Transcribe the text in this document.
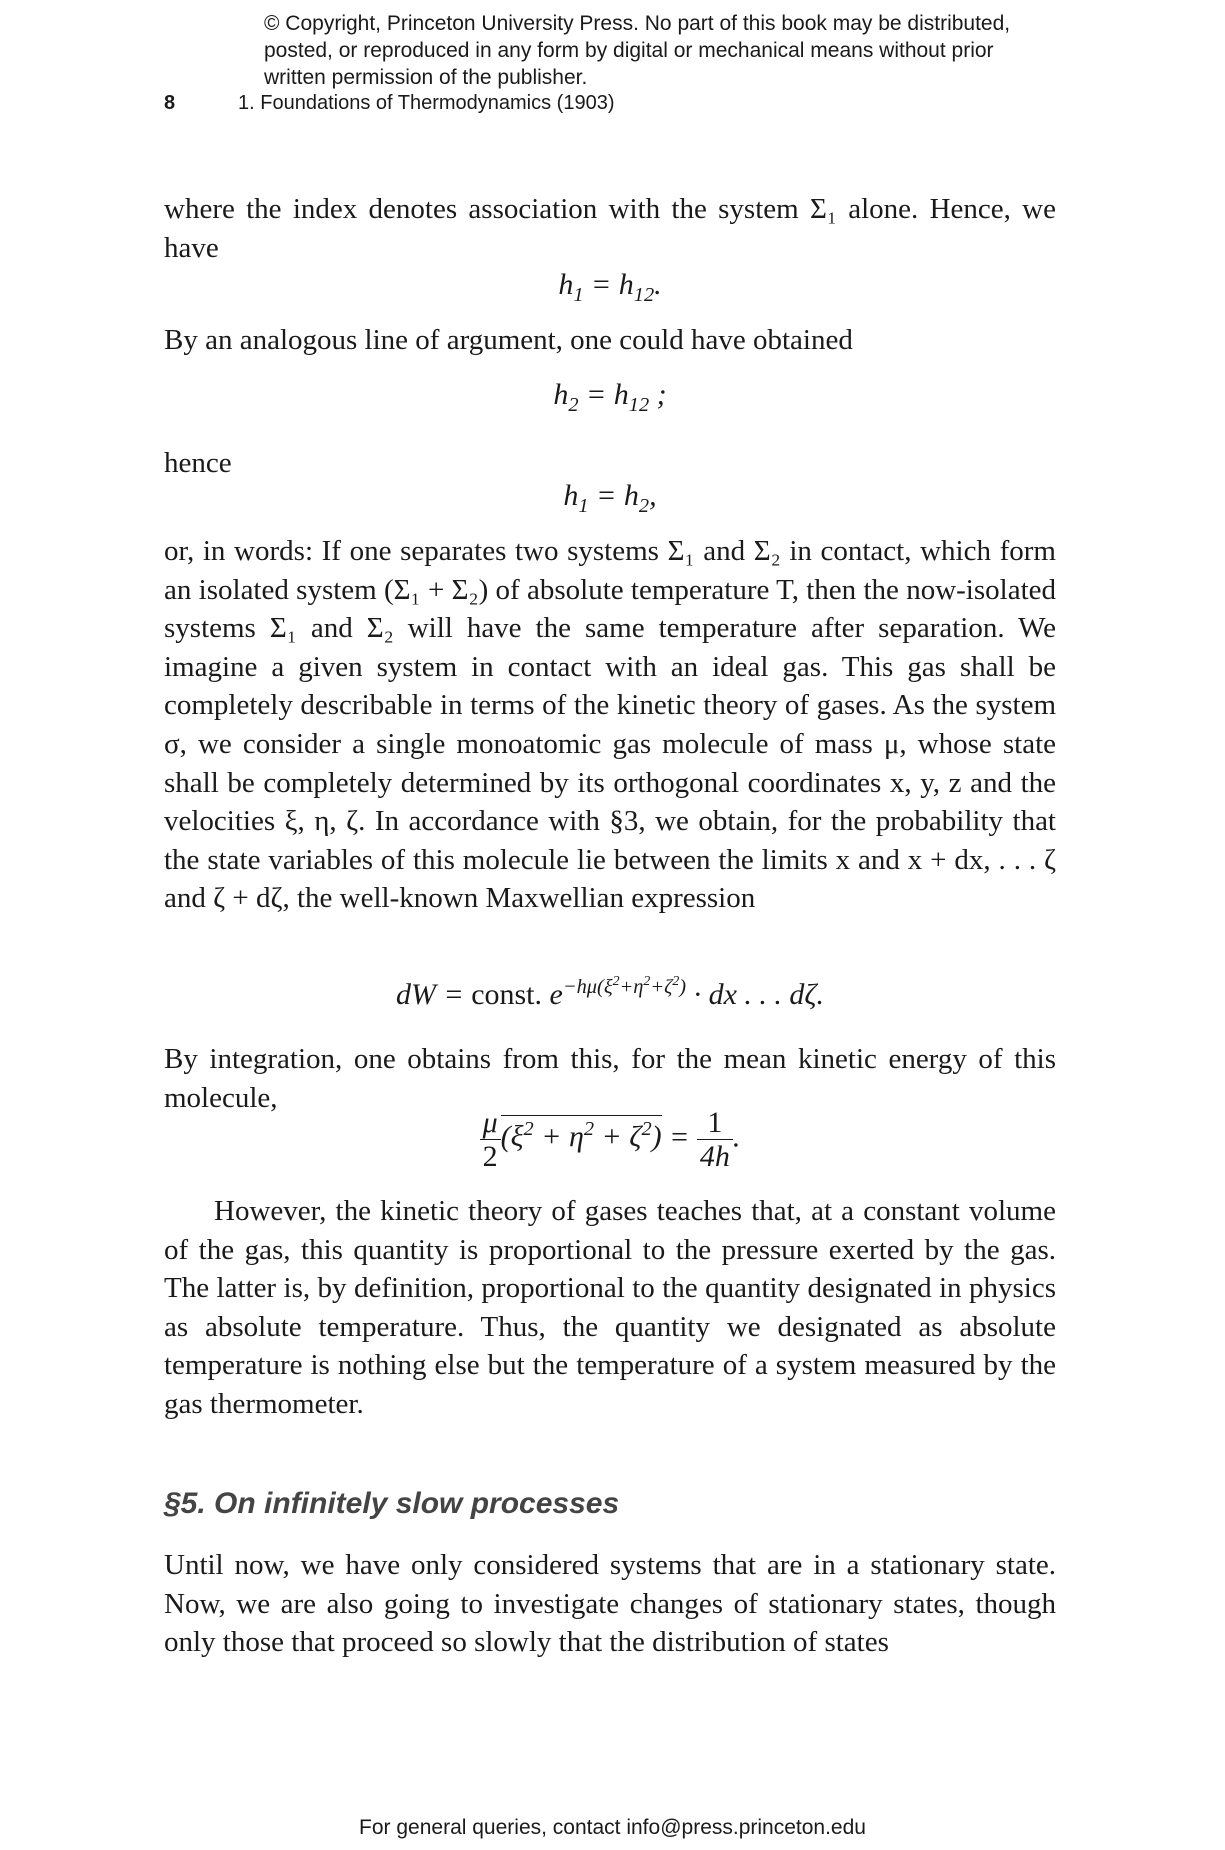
© Copyright, Princeton University Press. No part of this book may be distributed, posted, or reproduced in any form by digital or mechanical means without prior written permission of the publisher.
8	1. Foundations of Thermodynamics (1903)
where the index denotes association with the system Σ₁ alone. Hence, we have
$h_1 = h_{12}$.
By an analogous line of argument, one could have obtained
$h_2 = h_{12}$ ;
hence
$h_1 = h_2$,
or, in words: If one separates two systems Σ₁ and Σ₂ in contact, which form an isolated system (Σ₁ + Σ₂) of absolute temperature T, then the now-isolated systems Σ₁ and Σ₂ will have the same temperature after separation. We imagine a given system in contact with an ideal gas. This gas shall be completely describable in terms of the kinetic theory of gases. As the system σ, we consider a single monoatomic gas molecule of mass μ, whose state shall be completely determined by its orthogonal coordinates x, y, z and the velocities ξ, η, ζ. In accordance with §3, we obtain, for the probability that the state variables of this molecule lie between the limits x and x + dx, . . . ζ and ζ + dζ, the well-known Maxwellian expression
dW = const. $e^{-h\mu(\xi^2+\eta^2+\zeta^2)}$ · dx . . . dζ.
By integration, one obtains from this, for the mean kinetic energy of this molecule,
$\frac{\mu}{2} (\xi^2 + \eta^2 + \zeta^2) = \frac{1}{4h}$ .
However, the kinetic theory of gases teaches that, at a constant volume of the gas, this quantity is proportional to the pressure exerted by the gas. The latter is, by definition, proportional to the quantity designated in physics as absolute temperature. Thus, the quantity we designated as absolute temperature is nothing else but the temperature of a system measured by the gas thermometer.
§5. On infinitely slow processes
Until now, we have only considered systems that are in a stationary state. Now, we are also going to investigate changes of stationary states, though only those that proceed so slowly that the distribution of states
For general queries, contact info@press.princeton.edu
